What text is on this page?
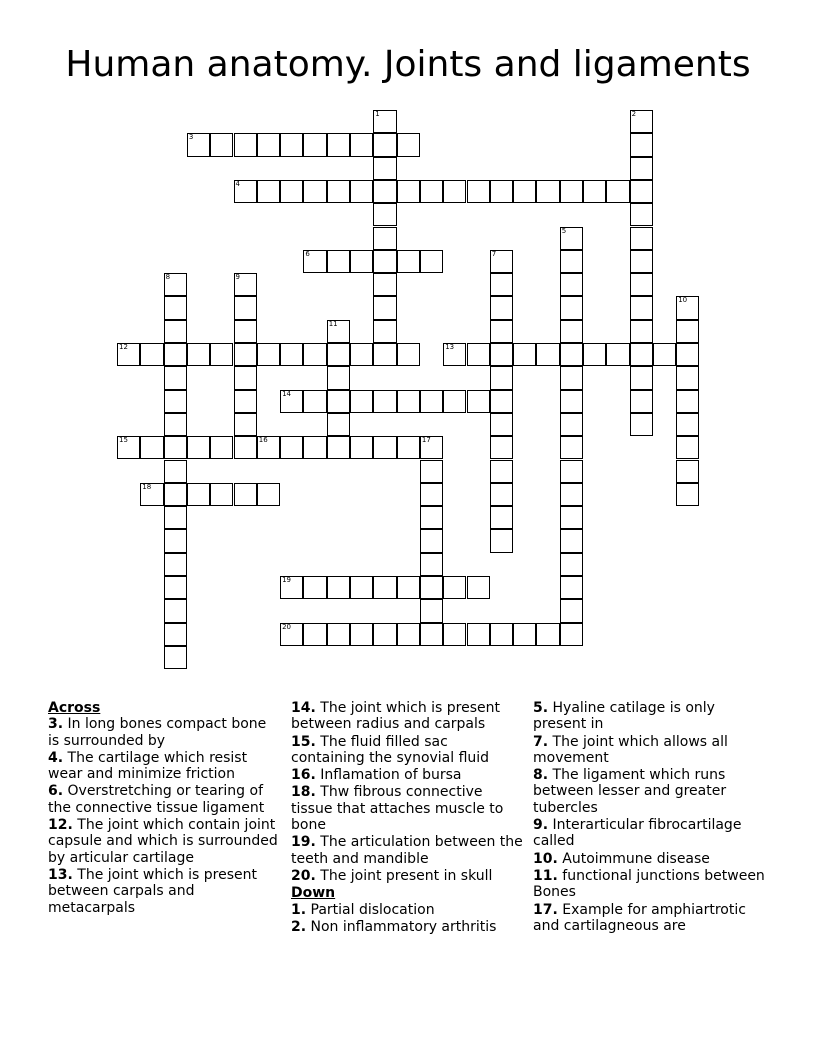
Human anatomy. Joints and ligaments
1	2
3
4
5
6	7
8	9
10
11
12	13
14
15	16	17
18
19
20
Across
3. In long bones compact bone is surrounded by
4. The cartilage which resist wear and minimize friction
6. Overstretching or tearing of the connective tissue ligament
12. The joint which contain joint capsule and which is surrounded by articular cartilage
13. The joint which is present between carpals and metacarpals
14. The joint which is present between radius and carpals
15. The fluid filled sac containing the synovial fluid
16. Inflamation of bursa
18. Thw fibrous connective tissue that attaches muscle to bone
19. The articulation between the teeth and mandible
20. The joint present in skull
Down
1. Partial dislocation
2. Non inflammatory arthritis
5. Hyaline catilage is only present in
7. The joint which allows all movement
8. The ligament which runs between lesser and greater tubercles
9. Interarticular fibrocartilage called
10. Autoimmune disease
11. functional junctions between Bones
17. Example for amphiartrotic and cartilagneous are
